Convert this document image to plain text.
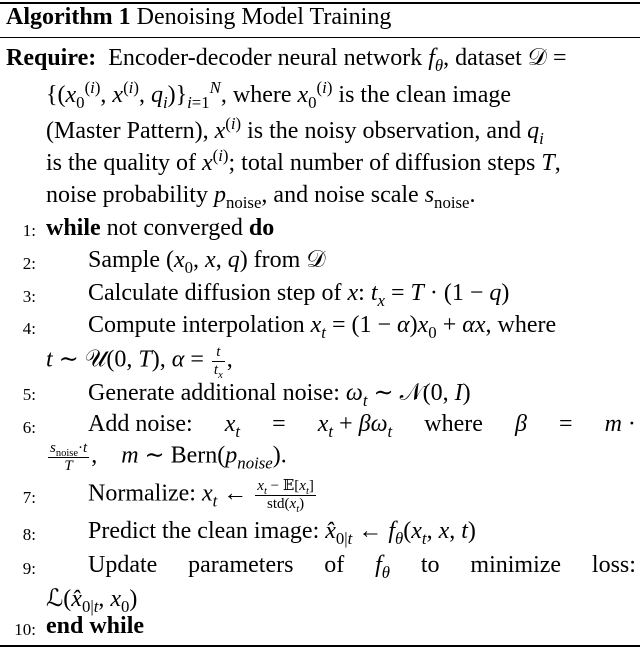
Algorithm 1 Denoising Model Training
Require:  Encoder-decoder neural network $f_\theta$, dataset 𝒟 =
{($x_0^{(i)}$, $x^{(i)}$, $q_i)\}_{i=1}^N$, where $x_0^{(i)}$ is the clean image
(Master Pattern), $x^{(i)}$ is the noisy observation, and $q_i$
is the quality of $x^{(i)}$; total number of diffusion steps T,
noise probability $p_{noise}$, and noise scale $s_{noise}$.
1: while not converged do
2: Sample ($x_0$, x, q) from 𝒟
3: Calculate diffusion step of x: $t_x = T \cdot (1 - q)$
4: Compute interpolation $x_t = (1 - \alpha)x_0 + \alpha x$, where
t ∼ 𝒰(0, T), $\alpha = \frac{t}{t_x}$ ,
5: Generate additional noise: $\omega_t$ ∼ 𝒩(0, I)
6: Add noise: $x_t = x_t + \beta\omega_t$ where β = m ·
$\frac{s_{noise}\cdot t}{T}$ ,    m ∼ $Bern(p_{noise})$.
7: Normalize: $x_t$ ← $\frac{x_t - 𝔼[x_t]}{std(x_t)}$
8: Predict the clean image: $x̂_{0|t}$ ← $f_\theta(x_t$, x, t)
9: Update parameters of $f_\theta$ to minimize loss:
$ℒ(x̂_{0|t}$, $x_0$)
10: end while
